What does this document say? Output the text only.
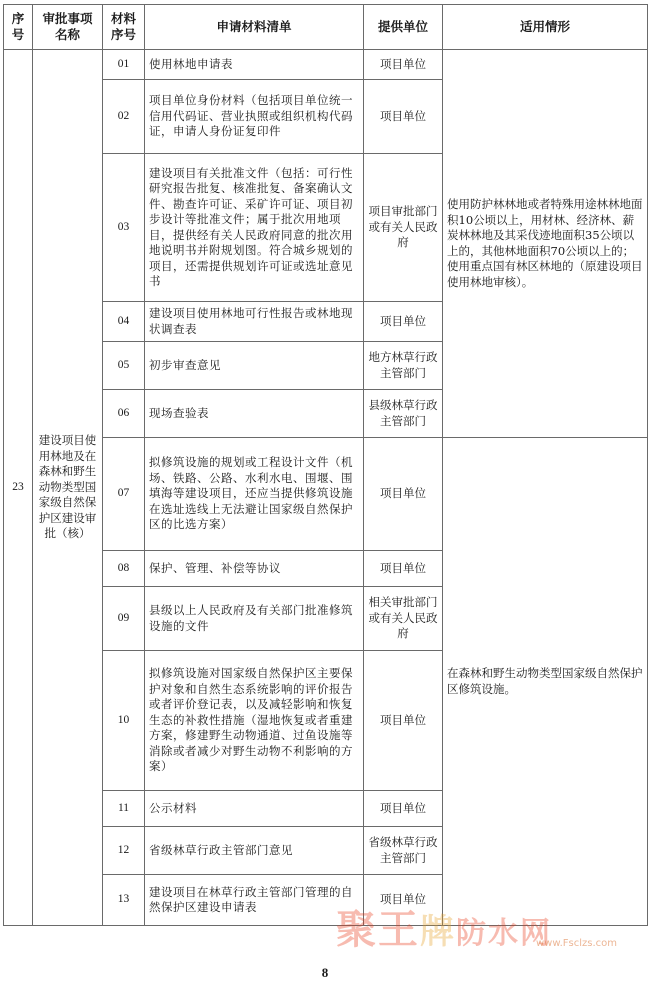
序号	审批事项名称	材料序号	申请材料清单	提供单位	适用情形
23	建设项目使用林地及在森林和野生动物类型国家级自然保护区建设审批（核）	01	使用林地申请表	项目单位	使用防护林林地或者特殊用途林林地面积10公顷以上，用材林、经济林、薪炭林林地及其采伐迹地面积35公顷以上的，其他林地面积70公顷以上的；使用重点国有林区林地的（原建设项目使用林地审核）。
		02	项目单位身份材料（包括项目单位统一信用代码证、营业执照或组织机构代码证，申请人身份证复印件	项目单位	
		03	建设项目有关批准文件（包括：可行性研究报告批复、核准批复、备案确认文件、勘查许可证、采矿许可证、项目初步设计等批准文件；属于批次用地项目，提供经有关人民政府同意的批次用地说明书并附规划图。符合城乡规划的项目，还需提供规划许可证或选址意见书	项目审批部门或有关人民政府	
		04	建设项目使用林地可行性报告或林地现状调查表	项目单位	
		05	初步审查意见	地方林草行政主管部门	
		06	现场查验表	县级林草行政主管部门	
		07	拟修筑设施的规划或工程设计文件（机场、铁路、公路、水利水电、围堰、围填海等建设项目，还应当提供修筑设施在选址选线上无法避让国家级自然保护区的比选方案）	项目单位	在森林和野生动物类型国家级自然保护区修筑设施。
		08	保护、管理、补偿等协议	项目单位	
		09	县级以上人民政府及有关部门批准修筑设施的文件	相关审批部门或有关人民政府	
		10	拟修筑设施对国家级自然保护区主要保护对象和自然生态系统影响的评价报告或者评价登记表，以及减轻影响和恢复生态的补救性措施（湿地恢复或者重建方案，修建野生动物通道、过鱼设施等消除或者减少对野生动物不利影响的方案）	项目单位	
		11	公示材料	项目单位	
		12	省级林草行政主管部门意见	省级林草行政主管部门	
		13	建设项目在林草行政主管部门管理的自然保护区建设申请表	项目单位	
聚王牌防水网
www.Fsclzs.com
8
